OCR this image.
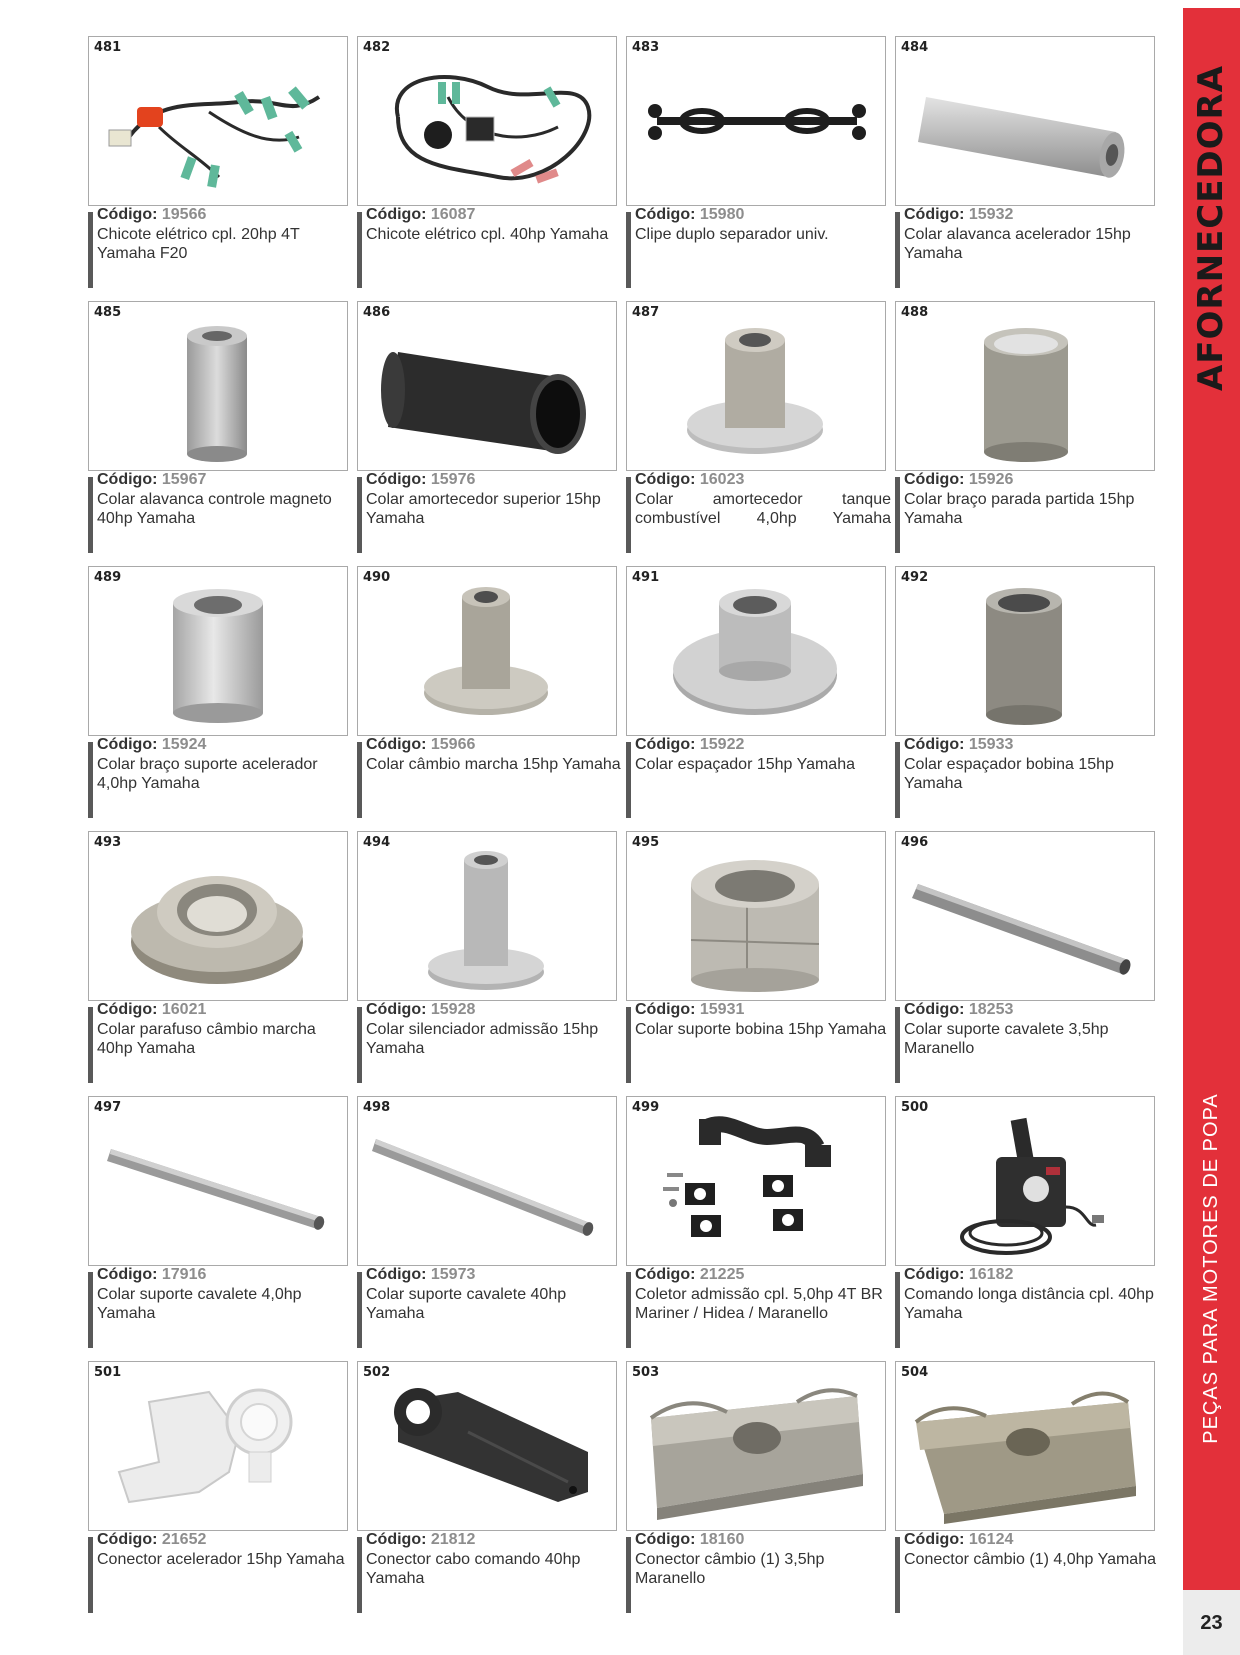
481
Código: 19566
Chicote elétrico cpl. 20hp 4T Yamaha F20
482
Código: 16087
Chicote elétrico cpl. 40hp Yamaha
483
Código: 15980
Clipe duplo separador univ.
484
Código: 15932
Colar alavanca acelerador 15hp Yamaha
485
Código: 15967
Colar alavanca controle magneto 40hp Yamaha
486
Código: 15976
Colar amortecedor superior 15hp Yamaha
487
Código: 16023
Colar amortecedor tanque combustível 4,0hp Yamaha
488
Código: 15926
Colar braço parada partida 15hp Yamaha
489
Código: 15924
Colar braço suporte acelerador 4,0hp Yamaha
490
Código: 15966
Colar câmbio marcha 15hp Yamaha
491
Código: 15922
Colar espaçador 15hp Yamaha
492
Código: 15933
Colar espaçador bobina 15hp Yamaha
493
Código: 16021
Colar parafuso câmbio marcha 40hp Yamaha
494
Código: 15928
Colar silenciador admissão 15hp Yamaha
495
Código: 15931
Colar suporte bobina 15hp Yamaha
496
Código: 18253
Colar suporte cavalete 3,5hp Maranello
497
Código: 17916
Colar suporte cavalete 4,0hp Yamaha
498
Código: 15973
Colar suporte cavalete 40hp Yamaha
499
Código: 21225
Coletor admissão cpl. 5,0hp 4T BR Mariner / Hidea / Maranello
500
Código: 16182
Comando longa distância cpl. 40hp Yamaha
501
Código: 21652
Conector acelerador 15hp Yamaha
502
Código: 21812
Conector cabo comando 40hp Yamaha
503
Código: 18160
Conector câmbio (1) 3,5hp Maranello
504
Código: 16124
Conector câmbio (1) 4,0hp Yamaha
AFORNECEDORA
PEÇAS PARA MOTORES DE POPA
23
